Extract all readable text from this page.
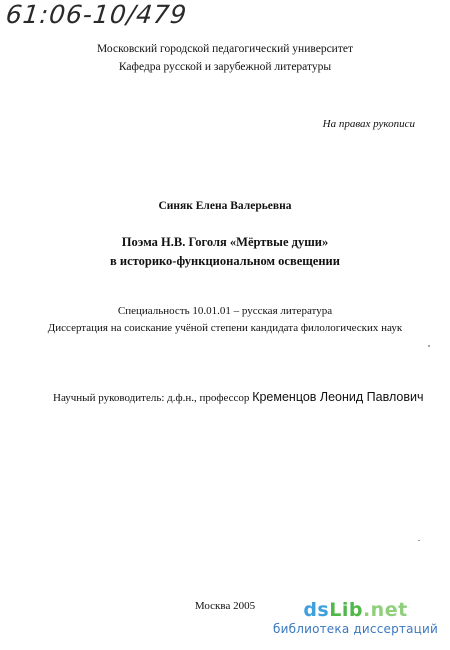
61:06-10/479
Московский городской педагогический университет
Кафедра русской и зарубежной литературы
На правах рукописи
Синяк Елена Валерьевна
Поэма Н.В. Гоголя «Мёртвые души»
в историко-функциональном освещении
Специальность 10.01.01 – русская литература
Диссертация на соискание учёной степени кандидата филологических наук
Научный руководитель: д.ф.н., профессор Кременцов Леонид Павлович
Москва 2005	dsLib.net
библиотека диссертаций
